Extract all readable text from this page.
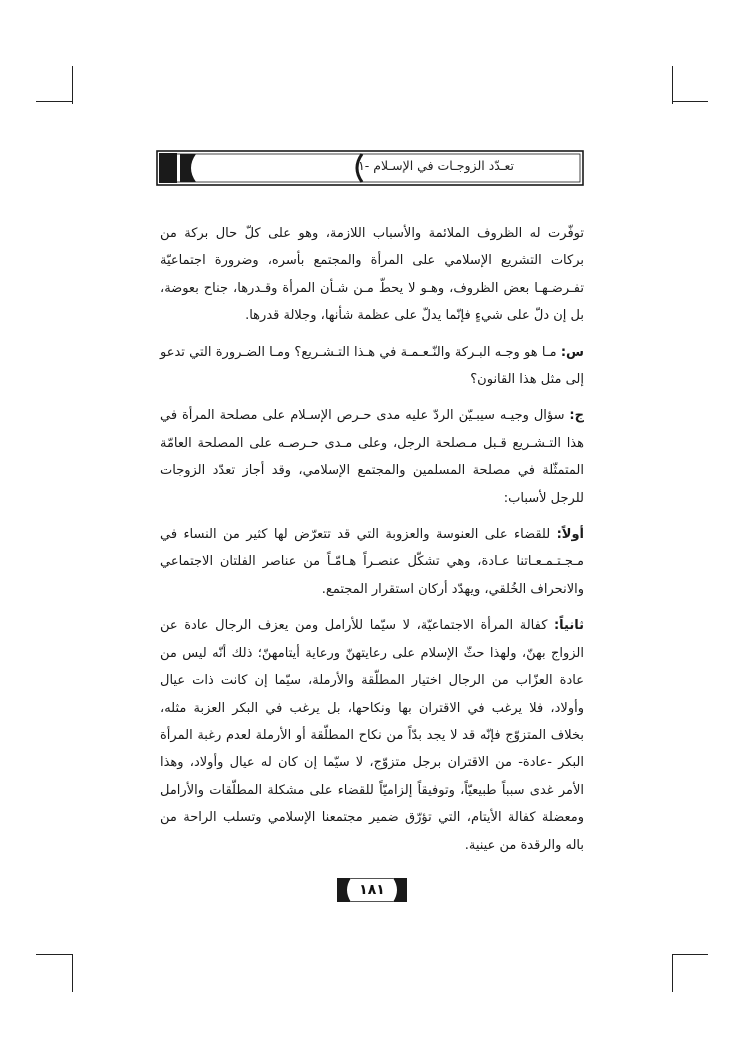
تعـدّد الزوجـات في الإسـلام -١

توفّرت له الظروف الملائمة والأسباب اللازمة، وهو على كلّ حال بركة من بركات التشريع الإسلامي على المرأة والمجتمع بأسره، وضرورة اجتماعيّة تفـرضـهـا بعض الظروف، وهـو لا يحطّ مـن شـأن المرأة وقـدرها، جناح بعوضة، بل إن دلّ على شيءٍ فإنّما يدلّ على عظمة شأنها، وجلالة قدرها.

س: مـا هو وجـه البـركة والنّـعـمـة في هـذا التـشـريع؟ ومـا الضـرورة التي تدعو إلى مثل هذا القانون؟

ج: سؤال وجيـه سيبـيّن الردّ عليه مدى حـرص الإسـلام على مصلحة المرأة في هذا التـشـريع قـبل مـصلحة الرجل، وعلى مـدى حـرصـه على المصلحة العامّة المتمثّلة في مصلحة المسلمين والمجتمع الإسلامي، وقد أجاز تعدّد الزوجات للرجل لأسباب:

أولاً: للقضاء على العنوسة والعزوبة التي قد تتعرّض لها كثير من النساء في مـجـتـمـعـاتنا عـادة، وهي تشكّل عنصـراً هـامّـاً من عناصر الفلتان الاجتماعي والانحراف الخُلقي، ويهدّد أركان استقرار المجتمع.

ثانياً: كفالة المرأة الاجتماعيّة، لا سيّما للأرامل ومن يعزف الرجال عادة عن الزواج بهنّ، ولهذا حثّ الإسلام على رعايتهنّ ورعاية أيتامهنّ؛ ذلك أنّه ليس من عادة العزّاب من الرجال اختيار المطلّقة والأرملة، سيّما إن كانت ذات عيال وأولاد، فلا يرغب في الاقتران بها ونكاحها، بل يرغب في البكر العزبة مثله، بخلاف المتزوّج فإنّه قد لا يجد بدّاً من نكاح المطلّقة أو الأرملة لعدم رغبة المرأة البكر -عادة- من الاقتران برجل متزوّج، لا سيّما إن كان له عيال وأولاد، وهذا الأمر غدى سبباً طبيعيّاً، وتوفيقاً إلزاميّاً للقضاء على مشكلة المطلّقات والأرامل ومعضلة كفالة الأيتام، التي تؤرّق ضمير مجتمعنا الإسلامي وتسلب الراحة من باله والرقدة من عينية.

١٨١
